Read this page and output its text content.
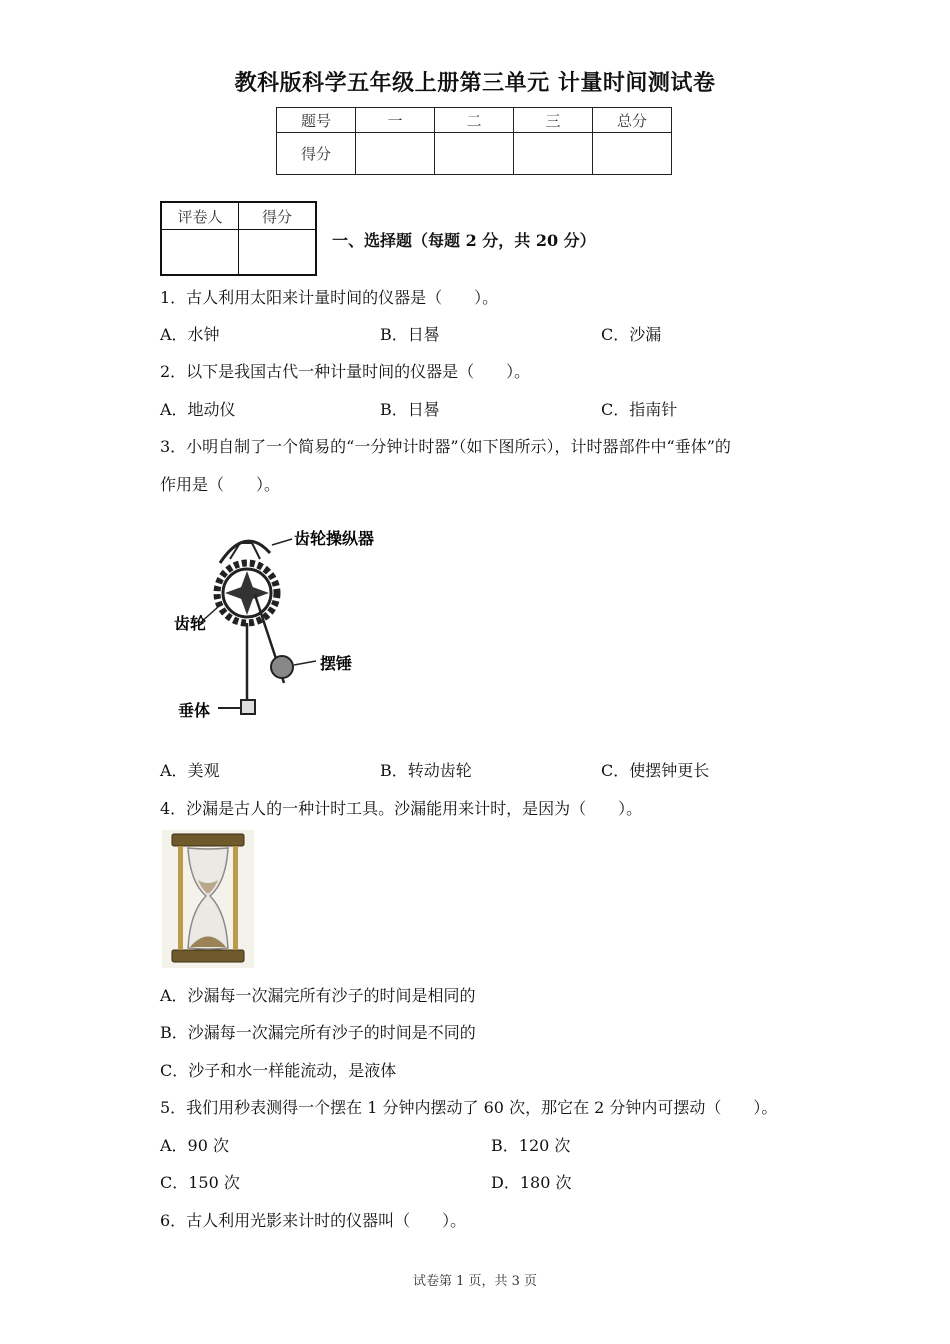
教科版科学五年级上册第三单元 计量时间测试卷
题号	一	二	三	总分
得分				
评卷人	得分

一、选择题（每题 2 分，共 20 分）
1．古人利用太阳来计量时间的仪器是（　　）。
A．水钟	B．日晷	C．沙漏
2．以下是我国古代一种计量时间的仪器是（　　）。
A．地动仪	B．日晷	C．指南针
3．小明自制了一个简易的“一分钟计时器”（如下图所示），计时器部件中“垂体”的
作用是（　　）。
齿轮操纵器
齿轮
摆锤
垂体
A．美观	B．转动齿轮	C．使摆钟更长
4．沙漏是古人的一种计时工具。沙漏能用来计时，是因为（　　）。
A．沙漏每一次漏完所有沙子的时间是相同的
B．沙漏每一次漏完所有沙子的时间是不同的
C．沙子和水一样能流动，是液体
5．我们用秒表测得一个摆在 1 分钟内摆动了 60 次，那它在 2 分钟内可摆动（　　）。
A．90 次	B．120 次
C．150 次	D．180 次
6．古人利用光影来计时的仪器叫（　　）。
试卷第 1 页，共 3 页
